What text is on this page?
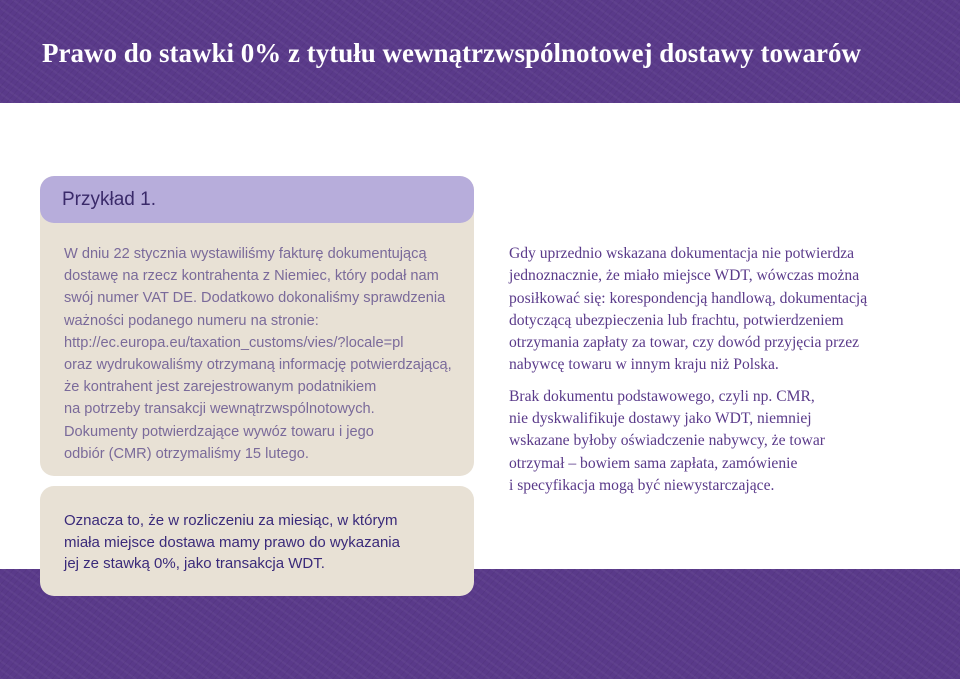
Prawo do stawki 0% z tytułu wewnątrzwspólnotowej dostawy towarów
Przykład 1.

W dniu 22 stycznia wystawiliśmy fakturę dokumentującą

dostawę na rzecz kontrahenta z Niemiec, który podał nam

swój numer VAT DE. Dodatkowo dokonaliśmy sprawdzenia

ważności podanego numeru na stronie:

http://ec.europa.eu/taxation_customs/vies/?locale=pl

oraz wydrukowaliśmy otrzymaną informację potwierdzającą,

że kontrahent jest zarejestrowanym podatnikiem

na potrzeby transakcji wewnątrzwspólnotowych.

Dokumenty potwierdzające wywóz towaru i jego

odbiór (CMR) otrzymaliśmy 15 lutego.

Oznacza to, że w rozliczeniu za miesiąc, w którym

miała miejsce dostawa mamy prawo do wykazania

jej ze stawką 0%, jako transakcja WDT.

Gdy uprzednio wskazana dokumentacja nie potwierdza

jednoznacznie, że miało miejsce WDT, wówczas można

posiłkować się: korespondencją handlową, dokumentacją

dotyczącą ubezpieczenia lub frachtu, potwierdzeniem

otrzymania zapłaty za towar, czy dowód przyjęcia przez

nabywcę towaru w innym kraju niż Polska.

Brak dokumentu podstawowego, czyli np. CMR,

nie dyskwalifikuje dostawy jako WDT, niemniej

wskazane byłoby oświadczenie nabywcy, że towar

otrzymał – bowiem sama zapłata, zamówienie

i specyfikacja mogą być niewystarczające.
